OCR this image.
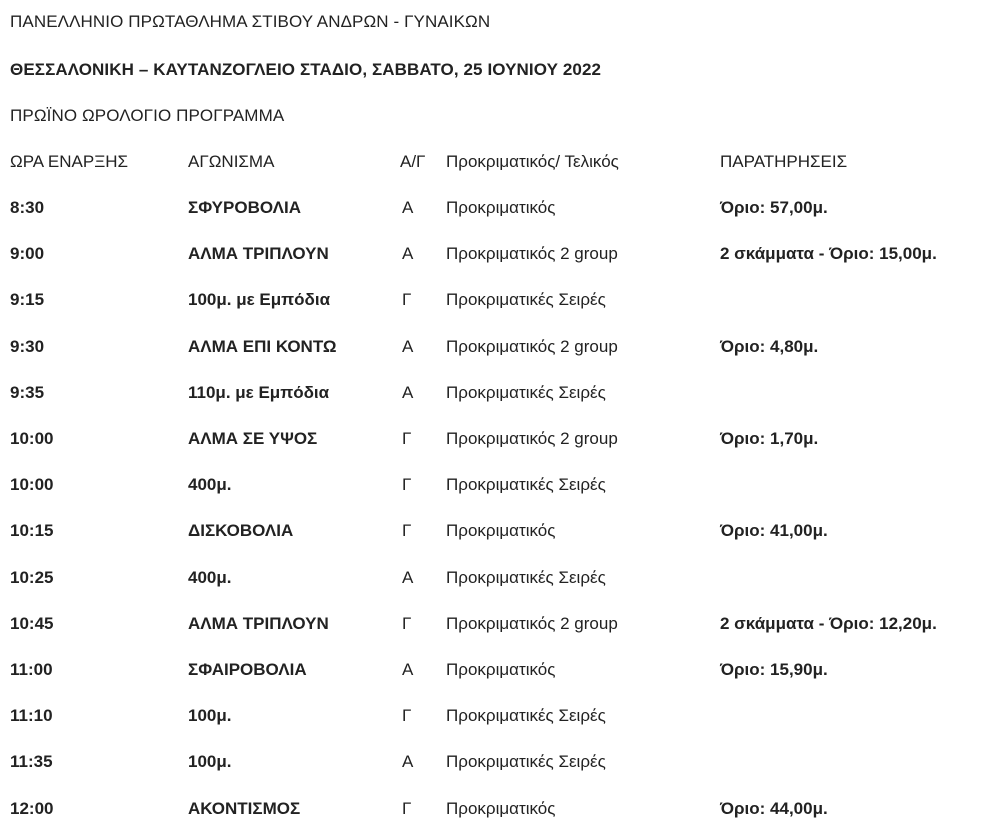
ΠΑΝΕΛΛΗΝΙΟ ΠΡΩΤΑΘΛΗΜΑ ΣΤΙΒΟΥ ΑΝΔΡΩΝ - ΓΥΝΑΙΚΩΝ
ΘΕΣΣΑΛΟΝΙΚΗ – ΚΑΥΤΑΝΖΟΓΛΕΙΟ ΣΤΑΔΙΟ, ΣΑΒΒΑΤΟ, 25 ΙΟΥΝΙΟΥ 2022
ΠΡΩΪΝΟ ΩΡΟΛΟΓΙΟ ΠΡΟΓΡΑΜΜΑ
ΩΡΑ ΕΝΑΡΞΗΣ	ΑΓΩΝΙΣΜΑ	Α/Γ Προκριματικός/ Τελικός	ΠΑΡΑΤΗΡΗΣΕΙΣ
8:30	ΣΦΥΡΟΒΟΛΙΑ	Α Προκριματικός	Όριο: 57,00μ.
9:00	ΑΛΜΑ ΤΡΙΠΛΟΥΝ	Α Προκριματικός 2 group	2 σκάμματα - Όριο: 15,00μ.
9:15	100μ. με Εμπόδια	Γ Προκριματικές Σειρές
9:30	ΑΛΜΑ ΕΠΙ ΚΟΝΤΩ	Α Προκριματικός 2 group	Όριο: 4,80μ.
9:35	110μ. με Εμπόδια	Α Προκριματικές Σειρές
10:00	ΑΛΜΑ ΣΕ ΥΨΟΣ	Γ Προκριματικός 2 group	Όριο: 1,70μ.
10:00	400μ.	Γ Προκριματικές Σειρές
10:15	ΔΙΣΚΟΒΟΛΙΑ	Γ Προκριματικός	Όριο: 41,00μ.
10:25	400μ.	Α Προκριματικές Σειρές
10:45	ΑΛΜΑ ΤΡΙΠΛΟΥΝ	Γ Προκριματικός 2 group	2 σκάμματα - Όριο: 12,20μ.
11:00	ΣΦΑΙΡΟΒΟΛΙΑ	Α Προκριματικός	Όριο: 15,90μ.
11:10	100μ.	Γ Προκριματικές Σειρές
11:35	100μ.	Α Προκριματικές Σειρές
12:00	ΑΚΟΝΤΙΣΜΟΣ	Γ Προκριματικός	Όριο: 44,00μ.
